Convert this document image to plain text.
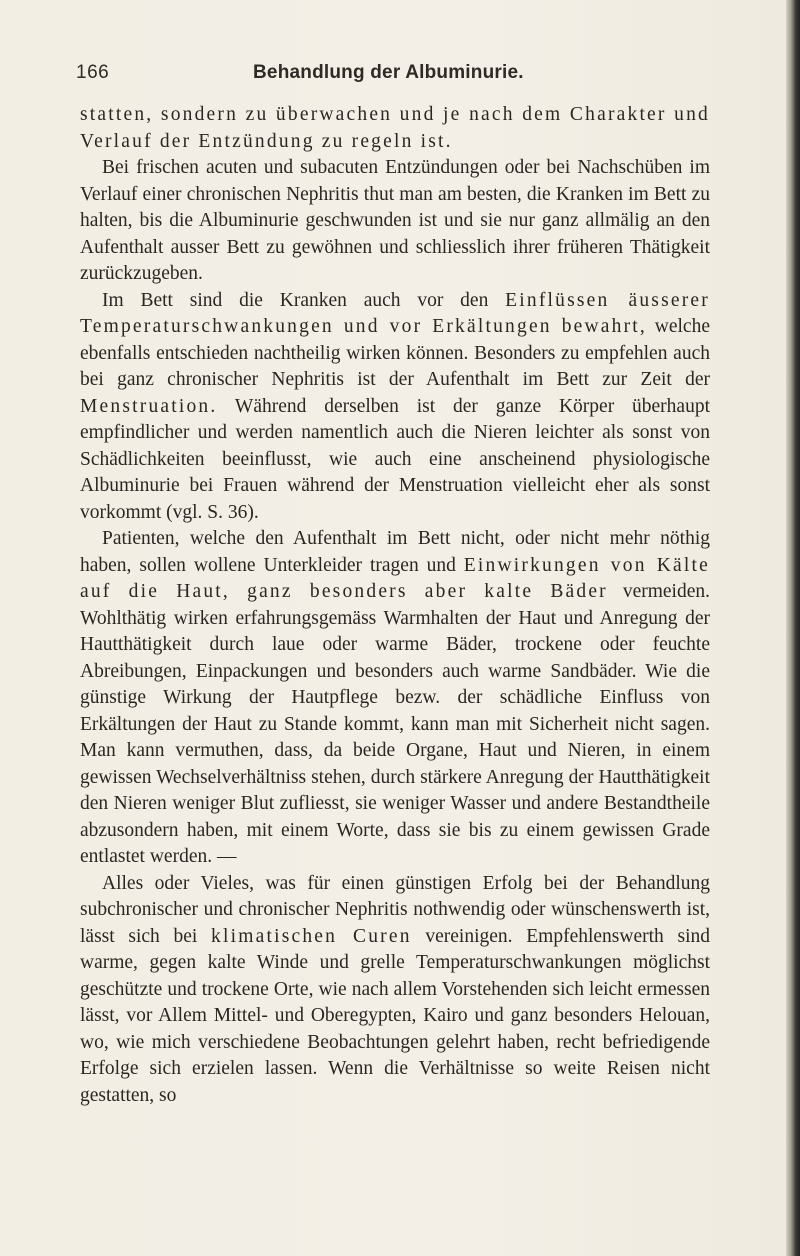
166	Behandlung der Albuminurie.

statten, sondern zu überwachen und je nach dem Charakter und Verlauf der Entzündung zu regeln ist.

Bei frischen acuten und subacuten Entzündungen oder bei Nachschüben im Verlauf einer chronischen Nephritis thut man am besten, die Kranken im Bett zu halten, bis die Albuminurie geschwunden ist und sie nur ganz allmälig an den Aufenthalt ausser Bett zu gewöhnen und schliesslich ihrer früheren Thätigkeit zurückzugeben.

Im Bett sind die Kranken auch vor den Einflüssen äusserer Temperaturschwankungen und vor Erkältungen bewahrt, welche ebenfalls entschieden nachtheilig wirken können. Besonders zu empfehlen auch bei ganz chronischer Nephritis ist der Aufenthalt im Bett zur Zeit der Menstruation. Während derselben ist der ganze Körper überhaupt empfindlicher und werden namentlich auch die Nieren leichter als sonst von Schädlichkeiten beeinflusst, wie auch eine anscheinend physiologische Albuminurie bei Frauen während der Menstruation vielleicht eher als sonst vorkommt (vgl. S. 36).

Patienten, welche den Aufenthalt im Bett nicht, oder nicht mehr nöthig haben, sollen wollene Unterkleider tragen und Einwirkungen von Kälte auf die Haut, ganz besonders aber kalte Bäder vermeiden. Wohlthätig wirken erfahrungsgemäss Warmhalten der Haut und Anregung der Hautthätigkeit durch laue oder warme Bäder, trockene oder feuchte Abreibungen, Einpackungen und besonders auch warme Sandbäder. Wie die günstige Wirkung der Hautpflege bezw. der schädliche Einfluss von Erkältungen der Haut zu Stande kommt, kann man mit Sicherheit nicht sagen. Man kann vermuthen, dass, da beide Organe, Haut und Nieren, in einem gewissen Wechselverhältniss stehen, durch stärkere Anregung der Hautthätigkeit den Nieren weniger Blut zufliesst, sie weniger Wasser und andere Bestandtheile abzusondern haben, mit einem Worte, dass sie bis zu einem gewissen Grade entlastet werden. —

Alles oder Vieles, was für einen günstigen Erfolg bei der Behandlung subchronischer und chronischer Nephritis nothwendig oder wünschenswerth ist, lässt sich bei klimatischen Curen vereinigen. Empfehlenswerth sind warme, gegen kalte Winde und grelle Temperaturschwankungen möglichst geschützte und trockene Orte, wie nach allem Vorstehenden sich leicht ermessen lässt, vor Allem Mittel- und Oberegypten, Kairo und ganz besonders Helouan, wo, wie mich verschiedene Beobachtungen gelehrt haben, recht befriedigende Erfolge sich erzielen lassen. Wenn die Verhältnisse so weite Reisen nicht gestatten, so
